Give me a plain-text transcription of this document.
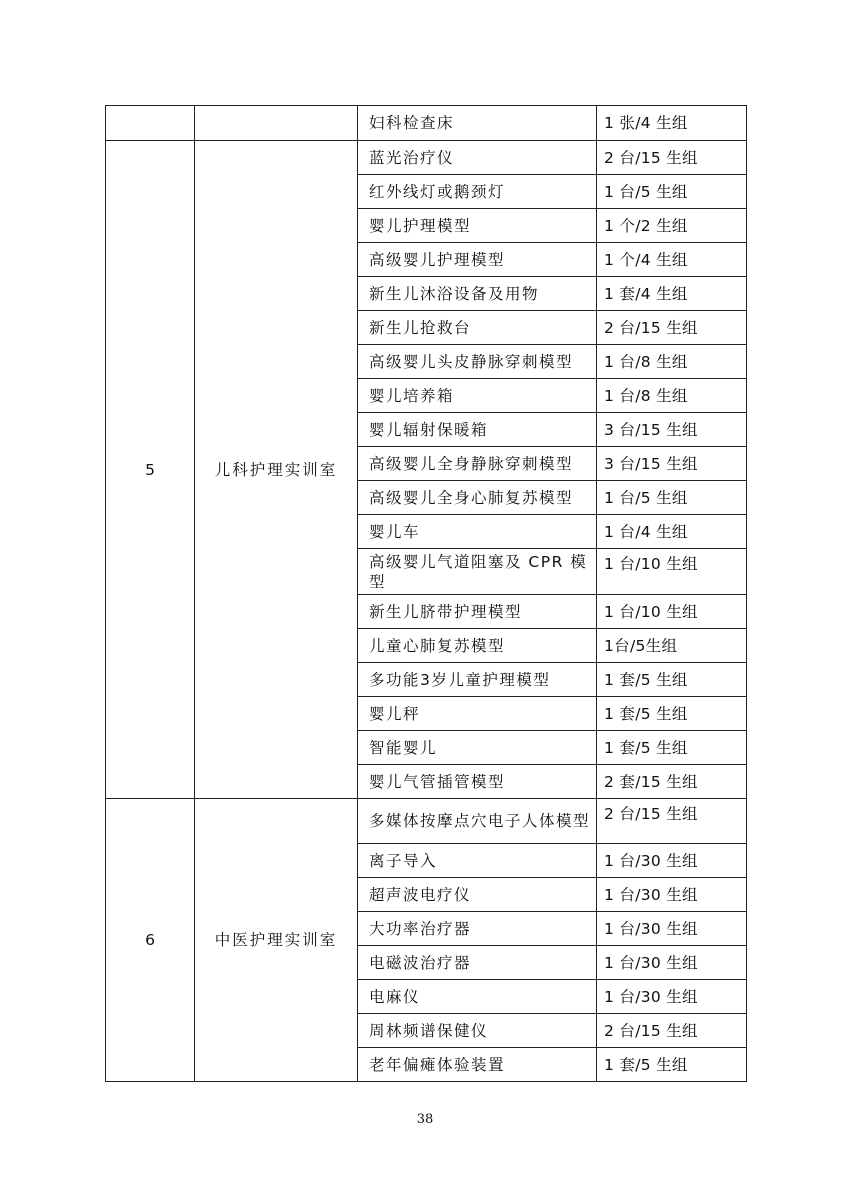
		妇科检查床	1 张/4 生组
5	儿科护理实训室	蓝光治疗仪	2 台/15 生组
		红外线灯或鹅颈灯	1 台/5 生组
		婴儿护理模型	1 个/2 生组
		高级婴儿护理模型	1 个/4 生组
		新生儿沐浴设备及用物	1 套/4 生组
		新生儿抢救台	2 台/15 生组
		高级婴儿头皮静脉穿刺模型	1 台/8 生组
		婴儿培养箱	1 台/8 生组
		婴儿辐射保暖箱	3 台/15 生组
		高级婴儿全身静脉穿刺模型	3 台/15 生组
		高级婴儿全身心肺复苏模型	1 台/5 生组
		婴儿车	1 台/4 生组
		高级婴儿气道阻塞及 CPR 模型	1 台/10 生组
		新生儿脐带护理模型	1 台/10 生组
		儿童心肺复苏模型	1台/5生组
		多功能3岁儿童护理模型	1 套/5 生组
		婴儿秤	1 套/5 生组
		智能婴儿	1 套/5 生组
		婴儿气管插管模型	2 套/15 生组
6	中医护理实训室	多媒体按摩点穴电子人体模型	2 台/15 生组
		离子导入	1 台/30 生组
		超声波电疗仪	1 台/30 生组
		大功率治疗器	1 台/30 生组
		电磁波治疗器	1 台/30 生组
		电麻仪	1 台/30 生组
		周林频谱保健仪	2 台/15 生组
		老年偏瘫体验装置	1 套/5 生组
38
